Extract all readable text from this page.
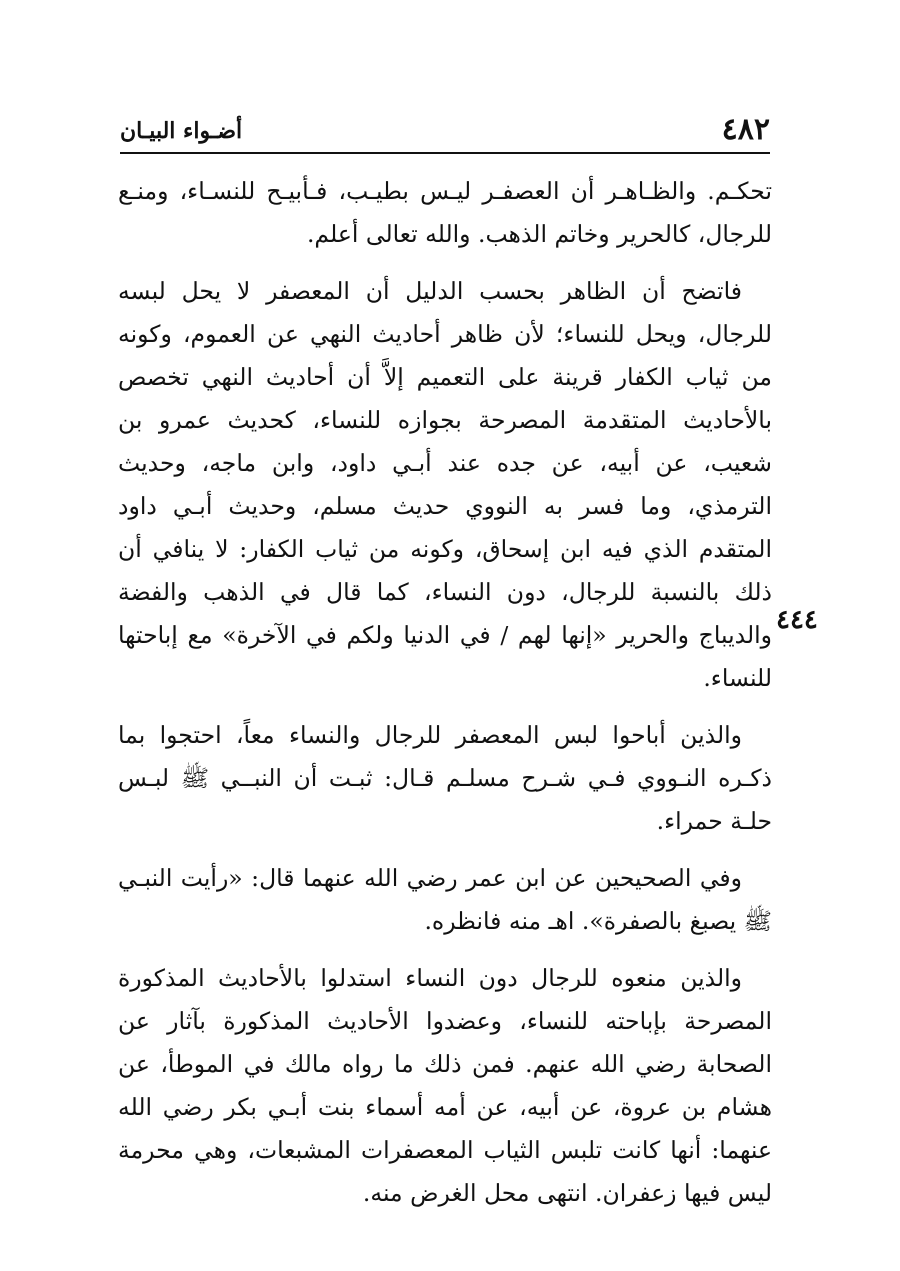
٤٨٢
أضـواء البيـان
٤٤٤

تحكـم. والظـاهـر أن العصفـر ليـس بطيـب، فـأبيـح للنسـاء، ومنـع للرجال، كالحرير وخاتم الذهب. والله تعالى أعلم.

فاتضح أن الظاهر بحسب الدليل أن المعصفر لا يحل لبسه للرجال، ويحل للنساء؛ لأن ظاهر أحاديث النهي عن العموم، وكونه من ثياب الكفار قرينة على التعميم إلاَّ أن أحاديث النهي تخصص بالأحاديث المتقدمة المصرحة بجوازه للنساء، كحديث عمرو بن شعيب، عن أبيه، عن جده عند أبـي داود، وابن ماجه، وحديث الترمذي، وما فسر به النووي حديث مسلم، وحديث أبـي داود المتقدم الذي فيه ابن إسحاق، وكونه من ثياب الكفار: لا ينافي أن ذلك بالنسبة للرجال، دون النساء، كما قال في الذهب والفضة والديباج والحرير «إنها لهم / في الدنيا ولكم في الآخرة» مع إباحتها للنساء.

والذين أباحوا لبس المعصفر للرجال والنساء معاً، احتجوا بما ذكـره النـووي فـي شـرح مسلـم قـال: ثبـت أن النبــي ﷺ لبـس حلـة حمراء.

وفي الصحيحين عن ابن عمر رضي الله عنهما قال: «رأيت النبـي ﷺ يصبغ بالصفرة». اهـ منه فانظره.

والذين منعوه للرجال دون النساء استدلوا بالأحاديث المذكورة المصرحة بإباحته للنساء، وعضدوا الأحاديث المذكورة بآثار عن الصحابة رضي الله عنهم. فمن ذلك ما رواه مالك في الموطأ، عن هشام بن عروة، عن أبيه، عن أمه أسماء بنت أبـي بكر رضي الله عنهما: أنها كانت تلبس الثياب المعصفرات المشبعات، وهي محرمة ليس فيها زعفران. انتهى محل الغرض منه.
